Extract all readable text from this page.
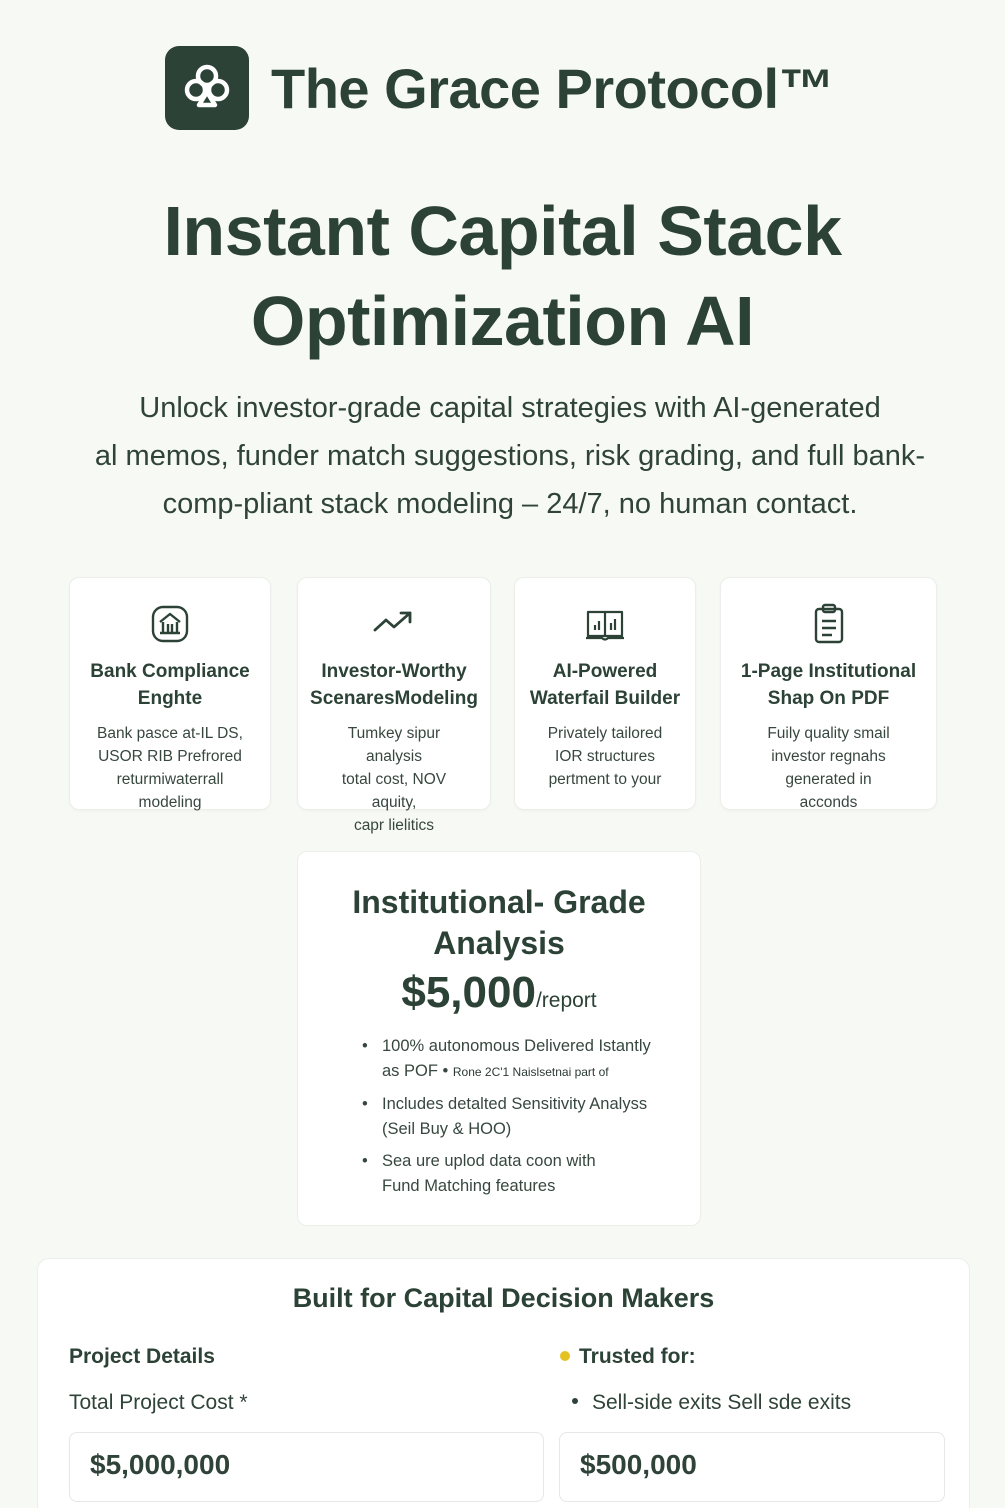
The Grace Protocol™
Instant Capital Stack
Optimization AI
Unlock investor-grade capital strategies with AI-generated
al memos, funder match suggestions, risk grading, and full bank-
comp-pliant stack modeling – 24/7, no human contact.
Bank Compliance
Enghte
Bank pasce at-IL DS,
USOR RIB Prefrored
returmiwaterrall
modeling
Investor-Worthy
ScenaresModeling
Tumkey sipur analysis
total cost, NOV aquity,
capr lielitics
AI-Powered
Waterfail Builder
Privately tailored
IOR structures
pertment to your
1-Page Institutional
Shap On PDF
Fuily quality smail
investor regnahs
generated in
acconds
Institutional- Grade
Analysis
$5,000/report
• 100% autonomous Delivered Istantly
as POF • Rone 2C'1 Naislsetnai part of
• Includes detalted Sensitivity Analyss
(Seil Buy & HOO)
• Sea ure uplod data coon with
Fund Matching features
Built for Capital Decision Makers
Project Details	Trusted for:
Total Project Cost *	Sell-side exits Sell sde exits
$5,000,000	$500,000
